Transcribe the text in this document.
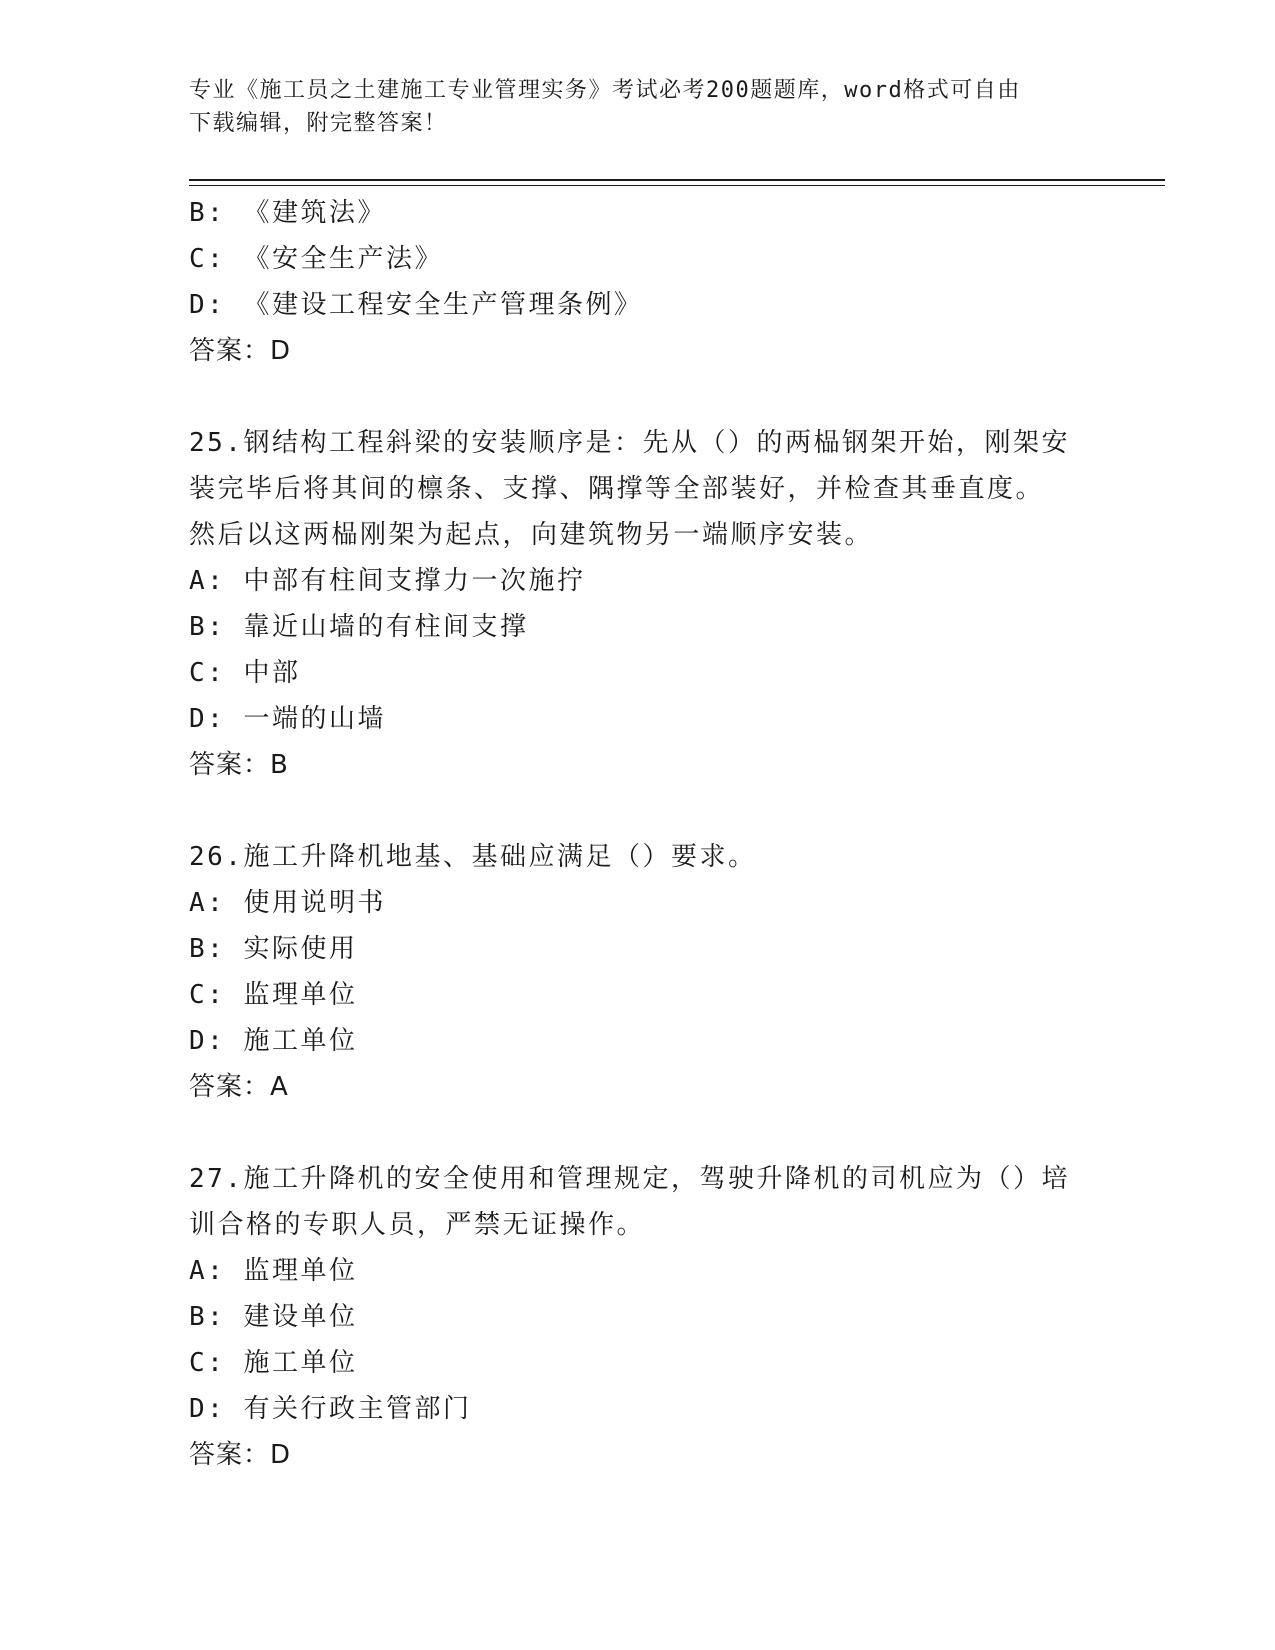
专业《施工员之土建施工专业管理实务》考试必考200题题库，word格式可自由
下载编辑，附完整答案！
B: 《建筑法》
C: 《安全生产法》
D: 《建设工程安全生产管理条例》
答案：D
25.钢结构工程斜梁的安装顺序是：先从（）的两榀钢架开始，刚架安
装完毕后将其间的檩条、支撑、隅撑等全部装好，并检查其垂直度。
然后以这两榀刚架为起点，向建筑物另一端顺序安装。
A: 中部有柱间支撑力一次施拧
B: 靠近山墙的有柱间支撑
C: 中部
D: 一端的山墙
答案：B
26.施工升降机地基、基础应满足（）要求。
A: 使用说明书
B: 实际使用
C: 监理单位
D: 施工单位
答案：A
27.施工升降机的安全使用和管理规定，驾驶升降机的司机应为（）培
训合格的专职人员，严禁无证操作。
A: 监理单位
B: 建设单位
C: 施工单位
D: 有关行政主管部门
答案：D
